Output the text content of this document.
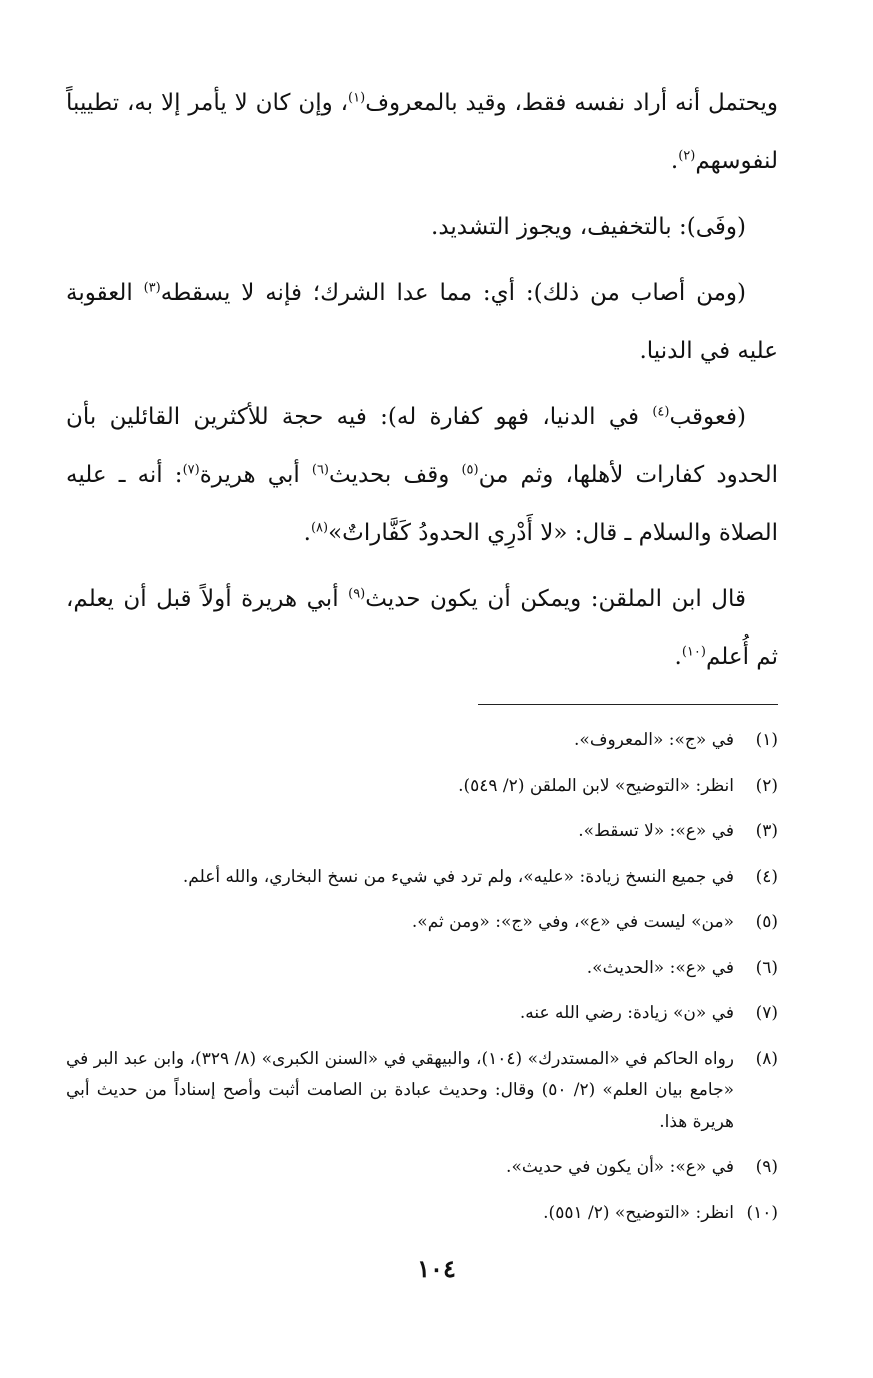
ويحتمل أنه أراد نفسه فقط، وقيد بالمعروف$^{(١)}$، وإن كان لا يأمر إلا به، تطييباً لنفوسهم$^{(٢)}$.

(وفَى): بالتخفيف، ويجوز التشديد.

(ومن أصاب من ذلك): أي: مما عدا الشرك؛ فإنه لا يسقطه$^{(٣)}$ العقوبة عليه في الدنيا.

(فعوقب$^{(٤)}$ في الدنيا، فهو كفارة له): فيه حجة للأكثرين القائلين بأن الحدود كفارات لأهلها، وثم من$^{(٥)}$ وقف بحديث$^{(٦)}$ أبي هريرة$^{(٧)}$: أنه ـ عليه الصلاة والسلام ـ قال: «لا أَدْرِي الحدودُ كَفَّاراتٌ»$^{(٨)}$.

قال ابن الملقن: ويمكن أن يكون حديث$^{(٩)}$ أبي هريرة أولاً قبل أن يعلم، ثم أُعلم$^{(١٠)}$.

(١)
في «ج»: «المعروف».
(٢)
انظر: «التوضيح» لابن الملقن (٢/ ٥٤٩).
(٣)
في «ع»: «لا تسقط».
(٤)
في جميع النسخ زيادة: «عليه»، ولم ترد في شيء من نسخ البخاري، والله أعلم.
(٥)
«من» ليست في «ع»، وفي «ج»: «ومن ثم».
(٦)
في «ع»: «الحديث».
(٧)
في «ن» زيادة: رضي الله عنه.
(٨)
رواه الحاكم في «المستدرك» (١٠٤)، والبيهقي في «السنن الكبرى» (٨/ ٣٢٩)، وابن عبد البر في «جامع بيان العلم» (٢/ ٥٠) وقال: وحديث عبادة بن الصامت أثبت وأصح إسناداً من حديث أبي هريرة هذا.
(٩)
في «ع»: «أن يكون في حديث».
(١٠)
انظر: «التوضيح» (٢/ ٥٥١).
١٠٤
